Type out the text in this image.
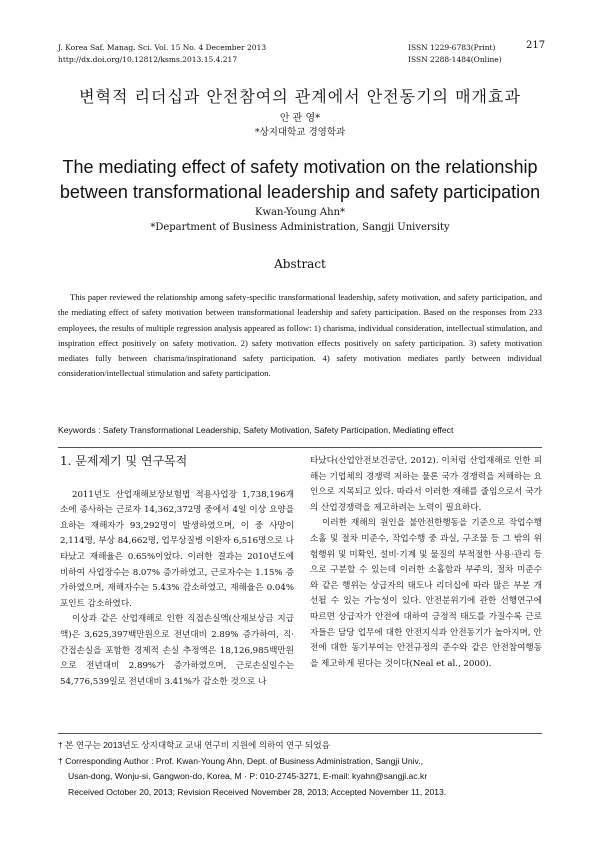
J. Korea Saf. Manag. Sci. Vol. 15 No. 4 December 2013
http://dx.doi.org/10.12812/ksms.2013.15.4.217
ISSN 1229-6783(Print)
ISSN 2288-1484(Online)
217
변혁적 리더십과 안전참여의 관계에서 안전동기의 매개효과
안 관 영*
*상지대학교 경영학과
The mediating effect of safety motivation on the relationship
between transformational leadership and safety participation
Kwan-Young Ahn*
*Department of Business Administration, Sangji University
Abstract

This paper reviewed the relationship among safety-specific transformational leadership, safety motivation, and safety participation, and the mediating effect of safety motivation between transformational leadership and safety participation. Based on the responses from 233 employees, the results of multiple regression analysis appeared as follow: 1) charisma, individual consideration, intellectual stimulation, and inspiration effect positively on safety motivation. 2) safety motivation effects positively on safety participation. 3) safety motivation mediates fully between charisma/inspirationand safety participation. 4) safety motivation mediates partly between individual consideration/intellectual stimulation and safety participation.

Keywords : Safety Transformational Leadership, Safety Motivation, Safety Participation, Mediating effect
1. 문제제기 및 연구목적

2011년도 산업재해보상보험법 적용사업장 1,738,196개소에 종사하는 근로자 14,362,372명 중에서 4일 이상 요양을 요하는 재해자가 93,292명이 발생하였으며, 이 중 사망이 2,114명, 부상 84,662명, 업무상질병 이환자 6,516명으로 나타났고 재해율은 0.65%이었다. 이러한 결과는 2010년도에 비하여 사업장수는 8.07% 증가하였고, 근로자수는 1.15% 증가하였으며, 재해자수는 5.43% 감소하였고, 재해율은 0.04% 포인트 감소하였다.

이상과 같은 산업재해로 인한 직접손실액(산재보상금 지급액)은 3,625,397백만원으로 전년대비 2.89% 증가하여, 직·간접손실을 포함한 경제적 손실 추정액은 18,126,985백만원으로 전년대비 2.89%가 증가하였으며, 근로손실일수는 54,776,539일로 전년대비 3.41%가 감소한 것으로 나

타났다(산업안전보건공단, 2012). 이처럼 산업재해로 인한 피해는 기업체의 경쟁력 저하는 물론 국가 경쟁력을 저해하는 요인으로 지목되고 있다. 따라서 이러한 재해를 줄임으로서 국가의 산업경쟁력을 제고하려는 노력이 필요하다.

이러한 재해의 원인을 불안전한행동을 기준으로 작업수행소홀 및 절차 미준수, 작업수행 중 과실, 구조물 등 그 밖의 위험행위 및 미확인, 설비·기계 및 물질의 부적절한 사용·관리 등으로 구분할 수 있는데 이러한 소홀함과 부주의, 절차 미준수와 같은 행위는 상급자의 태도나 리더십에 따라 많은 부분 개선될 수 있는 가능성이 있다. 안전분위기에 관한 선행연구에 따르면 상급자가 안전에 대하여 긍정적 태도를 가질수록 근로자들은 담당 업무에 대한 안전지식과 안전동기가 높아지며, 안전에 대한 동기부여는 안전규정의 준수와 같은 안전참여행동을 제고하게 된다는 것이다(Neal et al., 2000).

† 본 연구는 2013년도 상지대학교 교내 연구비 지원에 의하여 연구 되었음
† Corresponding Author : Prof. Kwan-Young Ahn, Dept. of Business Administration, Sangji Univ.,
Usan-dong, Wonju-si, Gangwon-do, Korea, M · P: 010-2745-3271, E-mail: kyahn@sangji.ac.kr
Received October 20, 2013; Revision Received November 28, 2013; Accepted November 11, 2013.
